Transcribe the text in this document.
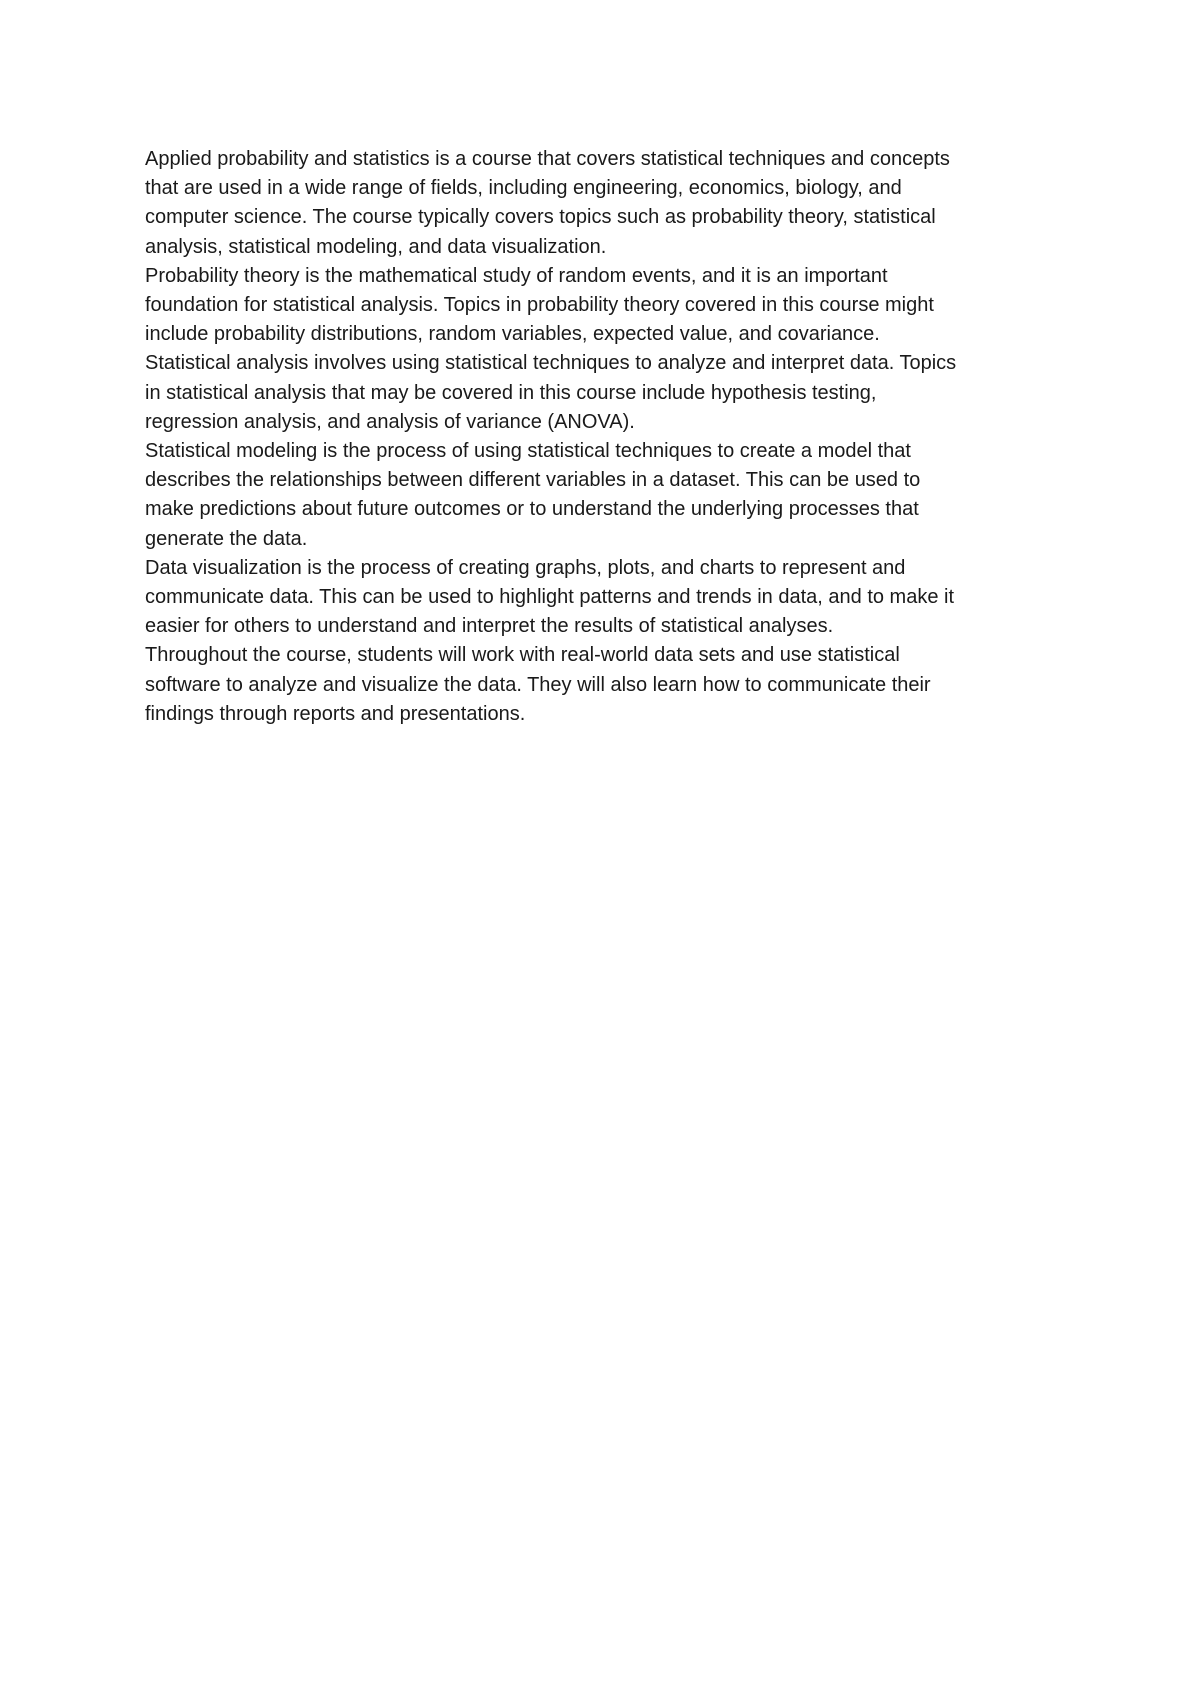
Applied probability and statistics is a course that covers statistical techniques and concepts
that are used in a wide range of fields, including engineering, economics, biology, and
computer science. The course typically covers topics such as probability theory, statistical
analysis, statistical modeling, and data visualization.
Probability theory is the mathematical study of random events, and it is an important
foundation for statistical analysis. Topics in probability theory covered in this course might
include probability distributions, random variables, expected value, and covariance.
Statistical analysis involves using statistical techniques to analyze and interpret data. Topics
in statistical analysis that may be covered in this course include hypothesis testing,
regression analysis, and analysis of variance (ANOVA).
Statistical modeling is the process of using statistical techniques to create a model that
describes the relationships between different variables in a dataset. This can be used to
make predictions about future outcomes or to understand the underlying processes that
generate the data.
Data visualization is the process of creating graphs, plots, and charts to represent and
communicate data. This can be used to highlight patterns and trends in data, and to make it
easier for others to understand and interpret the results of statistical analyses.
Throughout the course, students will work with real-world data sets and use statistical
software to analyze and visualize the data. They will also learn how to communicate their
findings through reports and presentations.
